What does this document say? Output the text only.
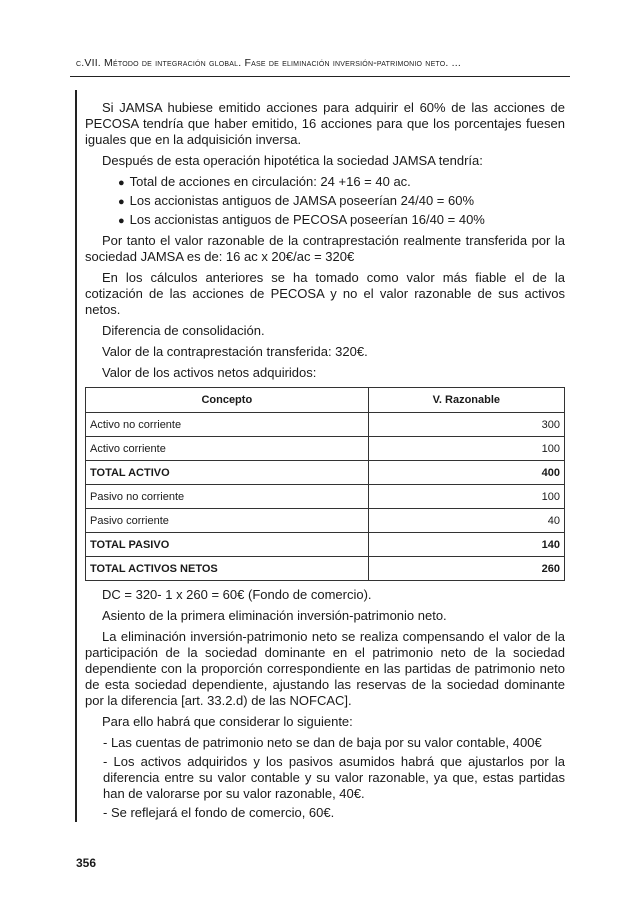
c.VII. Método de integración global. Fase de eliminación inversión-patrimonio neto. ...

Si JAMSA hubiese emitido acciones para adquirir el 60% de las acciones de PECOSA tendría que haber emitido, 16 acciones para que los porcentajes fuesen iguales que en la adquisición inversa.

Después de esta operación hipotética la sociedad JAMSA tendría:

● Total de acciones en circulación: 24 +16 = 40 ac.
● Los accionistas antiguos de JAMSA poseerían 24/40 = 60%
● Los accionistas antiguos de PECOSA poseerían 16/40 = 40%

Por tanto el valor razonable de la contraprestación realmente transferida por la sociedad JAMSA es de: 16 ac x 20€/ac = 320€

En los cálculos anteriores se ha tomado como valor más fiable el de la cotización de las acciones de PECOSA y no el valor razonable de sus activos netos.

Diferencia de consolidación.

Valor de la contraprestación transferida: 320€.

Valor de los activos netos adquiridos:

Concepto	V. Razonable
Activo no corriente	300
Activo corriente	100
TOTAL ACTIVO	400
Pasivo no corriente	100
Pasivo corriente	40
TOTAL PASIVO	140
TOTAL ACTIVOS NETOS	260

DC = 320- 1 x 260 = 60€ (Fondo de comercio).

Asiento de la primera eliminación inversión-patrimonio neto.

La eliminación inversión-patrimonio neto se realiza compensando el valor de la participación de la sociedad dominante en el patrimonio neto de la sociedad dependiente con la proporción correspondiente en las partidas de patrimonio neto de esta sociedad dependiente, ajustando las reservas de la sociedad dominante por la diferencia [art. 33.2.d) de las NOFCAC].

Para ello habrá que considerar lo siguiente:

- Las cuentas de patrimonio neto se dan de baja por su valor contable, 400€

- Los activos adquiridos y los pasivos asumidos habrá que ajustarlos por la diferencia entre su valor contable y su valor razonable, ya que, estas partidas han de valorarse por su valor razonable, 40€.

- Se reflejará el fondo de comercio, 60€.

356
